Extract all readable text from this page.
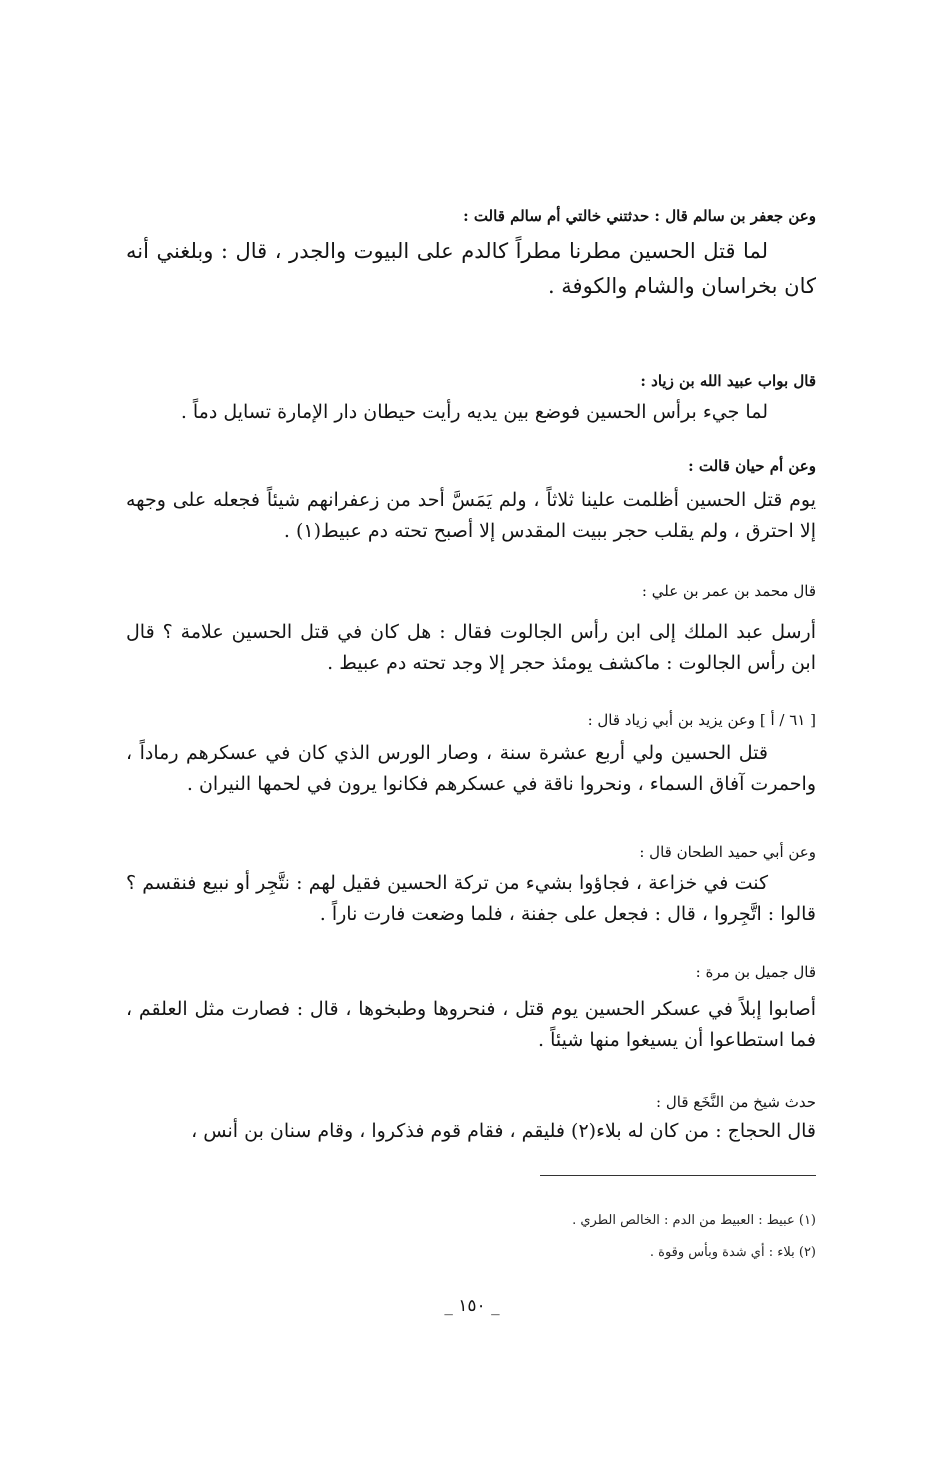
وعن جعفر بن سالم قال : حدثتني خالتي أم سالم قالت :

لما قتل الحسين مطرنا مطراً كالدم على البيوت والجدر ، قال : وبلغني أنه كان بخراسان والشام والكوفة .

قال بواب عبيد الله بن زياد :

لما جيء برأس الحسين فوضع بين يديه رأيت حيطان دار الإمارة تسايل دماً .

وعن أم حيان قالت :

يوم قتل الحسين أظلمت علينا ثلاثاً ، ولم يَمَسَّ أحد من زعفرانهم شيئاً فجعله على وجهه إلا احترق ، ولم يقلب حجر ببيت المقدس إلا أصبح تحته دم عبيط(١) .

قال محمد بن عمر بن علي :

أرسل عبد الملك إلى ابن رأس الجالوت فقال : هل كان في قتل الحسين علامة ؟ قال ابن رأس الجالوت : ماكشف يومئذ حجر إلا وجد تحته دم عبيط .

[ ٦١ / أ ] وعن يزيد بن أبي زياد قال :

قتل الحسين ولي أربع عشرة سنة ، وصار الورس الذي كان في عسكرهم رماداً ، واحمرت آفاق السماء ، ونحروا ناقة في عسكرهم فكانوا يرون في لحمها النيران .

وعن أبي حميد الطحان قال :

كنت في خزاعة ، فجاؤوا بشيء من تركة الحسين فقيل لهم : نتَّجِر أو نبيع فنقسم ؟ قالوا : اتَّجِروا ، قال : فجعل على جفنة ، فلما وضعت فارت ناراً .

قال جميل بن مرة :

أصابوا إبلاً في عسكر الحسين يوم قتل ، فنحروها وطبخوها ، قال : فصارت مثل العلقم ، فما استطاعوا أن يسيغوا منها شيئاً .

حدث شيخ من النَّخَع قال :

قال الحجاج : من كان له بلاء(٢) فليقم ، فقام قوم فذكروا ، وقام سنان بن أنس ،

(١) عبيط : العبيط من الدم : الخالص الطري .

(٢) بلاء : أي شدة وبأس وقوة .

_ ١٥٠ _
